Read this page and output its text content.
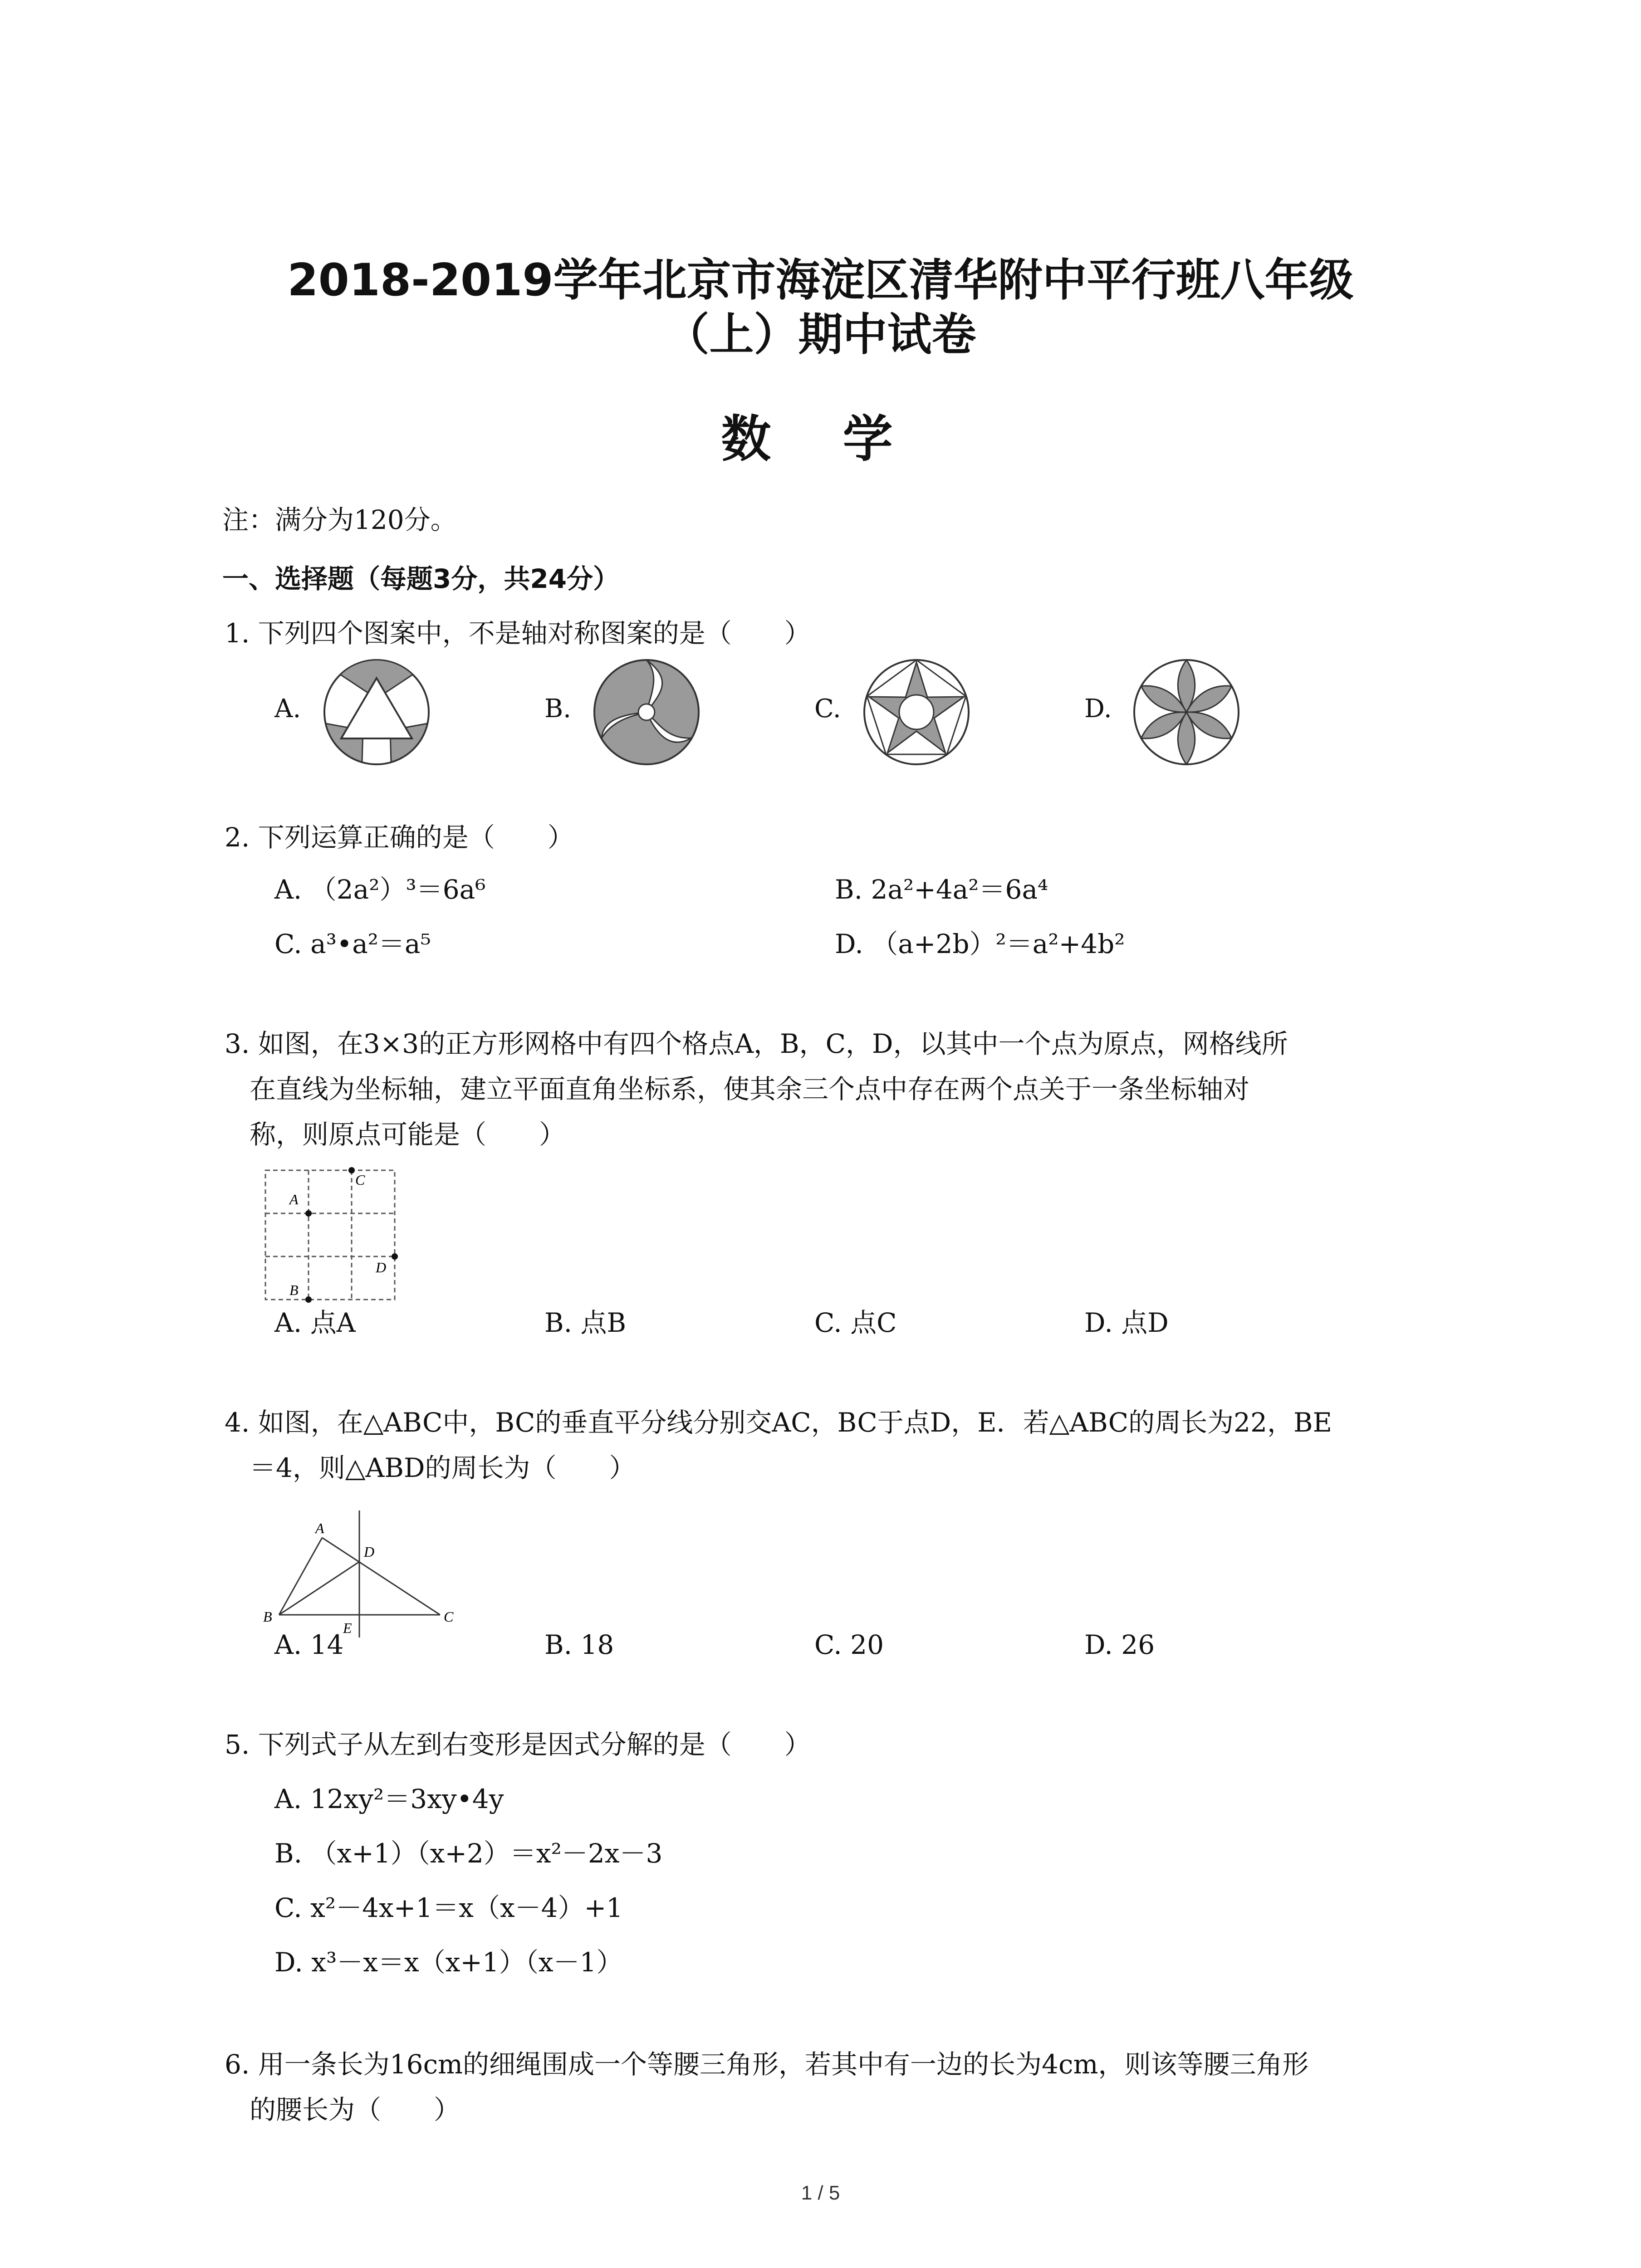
2018-2019学年北京市海淀区清华附中平行班八年级
（上）期中试卷
数 学
注：满分为120分。
一、选择题（每题3分，共24分）
1. 下列四个图案中，不是轴对称图案的是（　　）
A.	B.	C.	D.
2. 下列运算正确的是（　　）
A. （2a²）³＝6a⁶	B. 2a²+4a²＝6a⁴
C. a³•a²＝a⁵	D. （a+2b）²＝a²+4b²
3. 如图，在3×3的正方形网格中有四个格点A，B，C，D，以其中一个点为原点，网格线所
在直线为坐标轴，建立平面直角坐标系，使其余三个点中存在两个点关于一条坐标轴对
称，则原点可能是（　　）
A
C
D
B
A. 点A	B. 点B	C. 点C	D. 点D
4. 如图，在△ABC中，BC的垂直平分线分别交AC，BC于点D，E．若△ABC的周长为22，BE
＝4，则△ABD的周长为（　　）
A
D
B
E
C
A. 14	B. 18	C. 20	D. 26
5. 下列式子从左到右变形是因式分解的是（　　）
A. 12xy²＝3xy•4y
B. （x+1）（x+2）＝x²－2x－3
C. x²－4x+1＝x（x－4）+1
D. x³－x＝x（x+1）（x－1）
6. 用一条长为16cm的细绳围成一个等腰三角形，若其中有一边的长为4cm，则该等腰三角形
的腰长为（　　）
1 / 5
